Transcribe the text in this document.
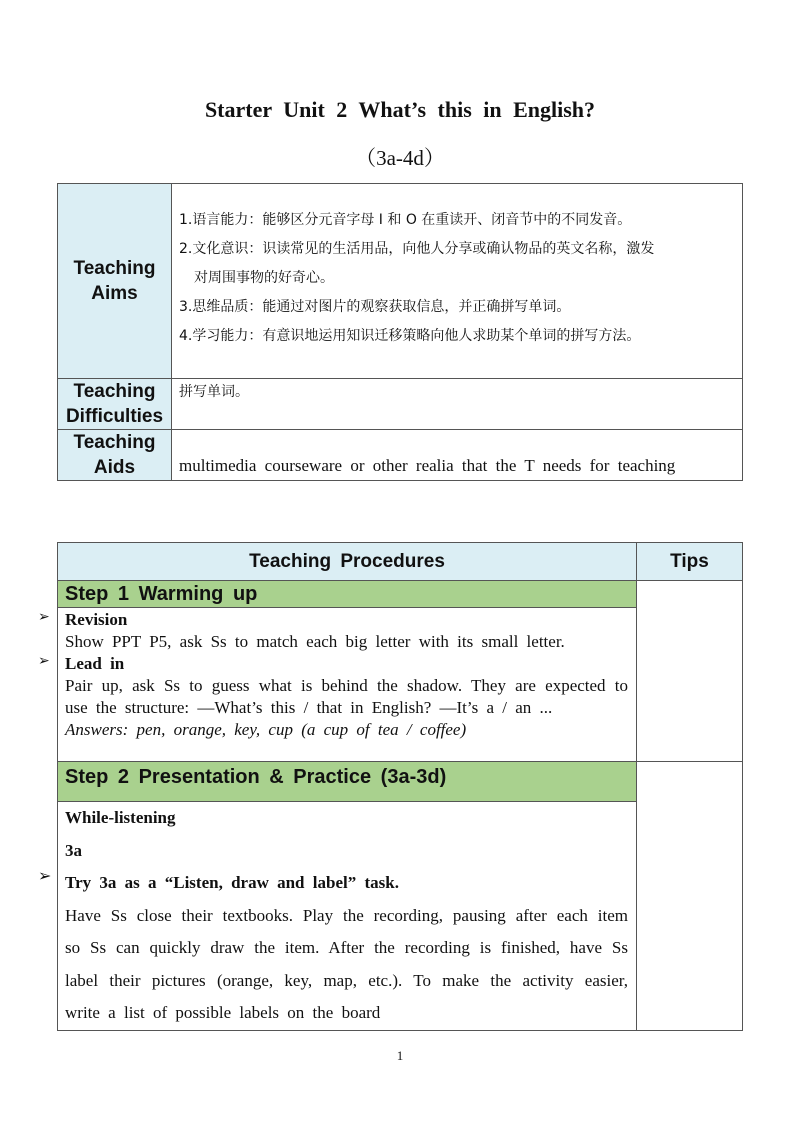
Starter Unit 2 What’s this in English?
（3a-4d）
Teaching Aims	1.语言能力：能够区分元音字母 I 和 O 在重读开、闭音节中的不同发音。
2.文化意识：识读常见的生活用品，向他人分享或确认物品的英文名称，激发
对周围事物的好奇心。
3.思维品质：能通过对图片的观察获取信息，并正确拼写单词。
4.学习能力：有意识地运用知识迁移策略向他人求助某个单词的拼写方法。

Teaching Difficulties	拼写单词。
Teaching Aids	multimedia courseware or other realia that the T needs for teaching
Teaching Procedures	Tips
Step 1 Warming up	

Revision
Show PPT P5, ask Ss to match each big letter with its small letter.
Lead in
Pair up, ask Ss to guess what is behind the shadow. They are expected to use the structure: —What’s this / that in English? —It’s a / an ...
Answers: pen, orange, key, cup (a cup of tea / coffee)	

Step 2 Presentation & Practice (3a-3d)	

While-listening
3a
Try 3a as a “Listen, draw and label” task.
Have Ss close their textbooks. Play the recording, pausing after each item so Ss can quickly draw the item. After the recording is finished, have Ss label their pictures (orange, key, map, etc.). To make the activity easier, write a list of possible labels on the board	
➢
➢
➢
1
